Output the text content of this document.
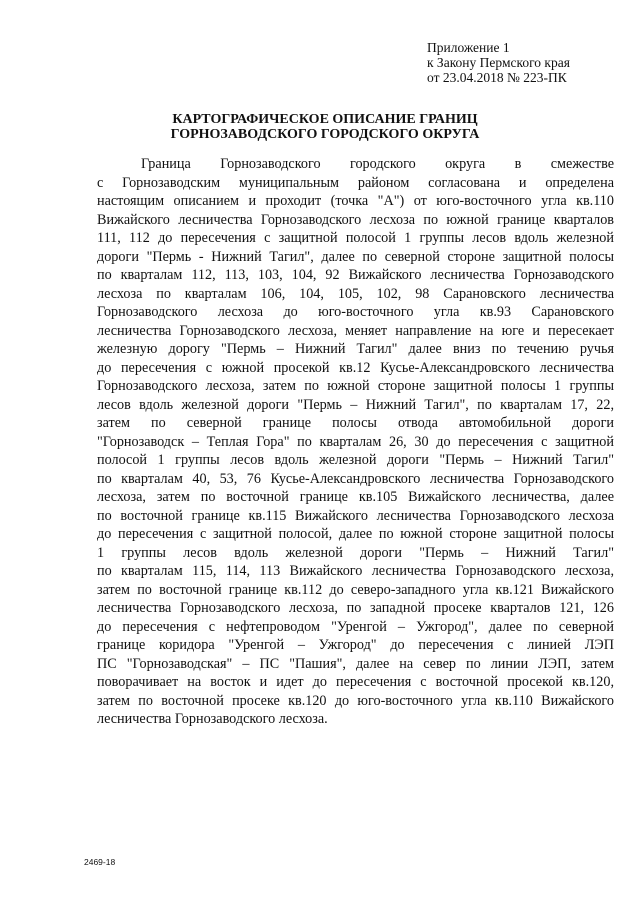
Приложение 1
к Закону Пермского края
от 23.04.2018 № 223-ПК
КАРТОГРАФИЧЕСКОЕ ОПИСАНИЕ ГРАНИЦ
ГОРНОЗАВОДСКОГО ГОРОДСКОГО ОКРУГА
Граница Горнозаводского городского округа в смежестве
с Горнозаводским муниципальным районом согласована и определена
настоящим описанием и проходит (точка "А") от юго-восточного угла кв.110
Вижайского лесничества Горнозаводского лесхоза по южной границе кварталов
111, 112 до пересечения с защитной полосой 1 группы лесов вдоль железной
дороги "Пермь - Нижний Тагил", далее по северной стороне защитной полосы
по кварталам 112, 113, 103, 104, 92 Вижайского лесничества Горнозаводского
лесхоза по кварталам 106, 104, 105, 102, 98 Сарановского лесничества
Горнозаводского лесхоза до юго-восточного угла кв.93 Сарановского
лесничества Горнозаводского лесхоза, меняет направление на юге и пересекает
железную дорогу "Пермь – Нижний Тагил" далее вниз по течению ручья
до пересечения с южной просекой кв.12 Кусье-Александровского лесничества
Горнозаводского лесхоза, затем по южной стороне защитной полосы 1 группы
лесов вдоль железной дороги "Пермь – Нижний Тагил", по кварталам 17, 22,
затем по северной границе полосы отвода автомобильной дороги
"Горнозаводск – Теплая Гора" по кварталам 26, 30 до пересечения с защитной
полосой 1 группы лесов вдоль железной дороги "Пермь – Нижний Тагил"
по кварталам 40, 53, 76 Кусье-Александровского лесничества Горнозаводского
лесхоза, затем по восточной границе кв.105 Вижайского лесничества, далее
по восточной границе кв.115 Вижайского лесничества Горнозаводского лесхоза
до пересечения с защитной полосой, далее по южной стороне защитной полосы
1 группы лесов вдоль железной дороги "Пермь – Нижний Тагил"
по кварталам 115, 114, 113 Вижайского лесничества Горнозаводского лесхоза,
затем по восточной границе кв.112 до северо-западного угла кв.121 Вижайского
лесничества Горнозаводского лесхоза, по западной просеке кварталов 121, 126
до пересечения с нефтепроводом "Уренгой – Ужгород", далее по северной
границе коридора "Уренгой – Ужгород" до пересечения с линией ЛЭП
ПС "Горнозаводская" – ПС "Пашия", далее на север по линии ЛЭП, затем
поворачивает на восток и идет до пересечения с восточной просекой кв.120,
затем по восточной просеке кв.120 до юго-восточного угла кв.110 Вижайского
лесничества Горнозаводского лесхоза.
2469-18
